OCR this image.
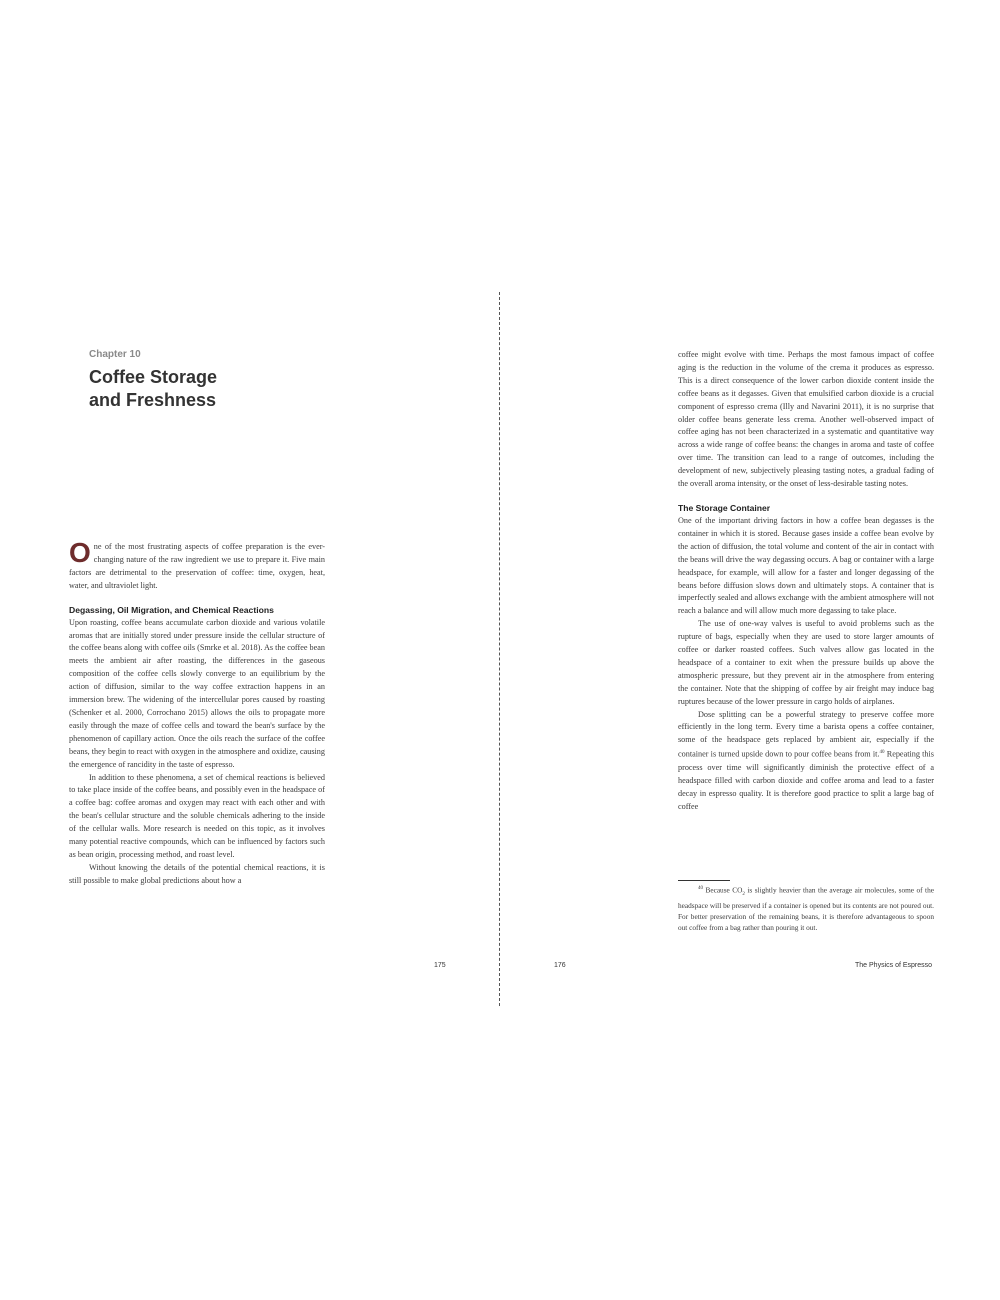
Chapter 10
Coffee Storage
and Freshness

One of the most frustrating aspects of coffee preparation is the ever-changing nature of the raw ingredient we use to prepare it. Five main factors are detrimental to the preservation of coffee: time, oxygen, heat, water, and ultraviolet light.

Degassing, Oil Migration, and Chemical Reactions

Upon roasting, coffee beans accumulate carbon dioxide and various volatile aromas that are initially stored under pressure inside the cellular structure of the coffee beans along with coffee oils (Smrke et al. 2018). As the coffee bean meets the ambient air after roasting, the differences in the gaseous composition of the coffee cells slowly converge to an equilibrium by the action of diffusion, similar to the way coffee extraction happens in an immersion brew. The widening of the intercellular pores caused by roasting (Schenker et al. 2000, Corrochano 2015) allows the oils to propagate more easily through the maze of coffee cells and toward the bean's surface by the phenomenon of capillary action. Once the oils reach the surface of the coffee beans, they begin to react with oxygen in the atmosphere and oxidize, causing the emergence of rancidity in the taste of espresso.

In addition to these phenomena, a set of chemical reactions is believed to take place inside of the coffee beans, and possibly even in the headspace of a coffee bag: coffee aromas and oxygen may react with each other and with the bean's cellular structure and the soluble chemicals adhering to the inside of the cellular walls. More research is needed on this topic, as it involves many potential reactive compounds, which can be influenced by factors such as bean origin, processing method, and roast level.

Without knowing the details of the potential chemical reactions, it is still possible to make global predictions about how a

175

coffee might evolve with time. Perhaps the most famous impact of coffee aging is the reduction in the volume of the crema it produces as espresso. This is a direct consequence of the lower carbon dioxide content inside the coffee beans as it degasses. Given that emulsified carbon dioxide is a crucial component of espresso crema (Illy and Navarini 2011), it is no surprise that older coffee beans generate less crema. Another well-observed impact of coffee aging has not been characterized in a systematic and quantitative way across a wide range of coffee beans: the changes in aroma and taste of coffee over time. The transition can lead to a range of outcomes, including the development of new, subjectively pleasing tasting notes, a gradual fading of the overall aroma intensity, or the onset of less-desirable tasting notes.

The Storage Container

One of the important driving factors in how a coffee bean degasses is the container in which it is stored. Because gases inside a coffee bean evolve by the action of diffusion, the total volume and content of the air in contact with the beans will drive the way degassing occurs. A bag or container with a large headspace, for example, will allow for a faster and longer degassing of the beans before diffusion slows down and ultimately stops. A container that is imperfectly sealed and allows exchange with the ambient atmosphere will not reach a balance and will allow much more degassing to take place.

The use of one-way valves is useful to avoid problems such as the rupture of bags, especially when they are used to store larger amounts of coffee or darker roasted coffees. Such valves allow gas located in the headspace of a container to exit when the pressure builds up above the atmospheric pressure, but they prevent air in the atmosphere from entering the container. Note that the shipping of coffee by air freight may induce bag ruptures because of the lower pressure in cargo holds of airplanes.

Dose splitting can be a powerful strategy to preserve coffee more efficiently in the long term. Every time a barista opens a coffee container, some of the headspace gets replaced by ambient air, especially if the container is turned upside down to pour coffee beans from it.$^{40}$ Repeating this process over time will significantly diminish the protective effect of a headspace filled with carbon dioxide and coffee aroma and lead to a faster decay in espresso quality. It is therefore good practice to split a large bag of coffee

$^{40}$ Because $CO_2$ is slightly heavier than the average air molecules, some of the headspace will be preserved if a container is opened but its contents are not poured out. For better preservation of the remaining beans, it is therefore advantageous to spoon out coffee from a bag rather than pouring it out.

176	The Physics of Espresso
